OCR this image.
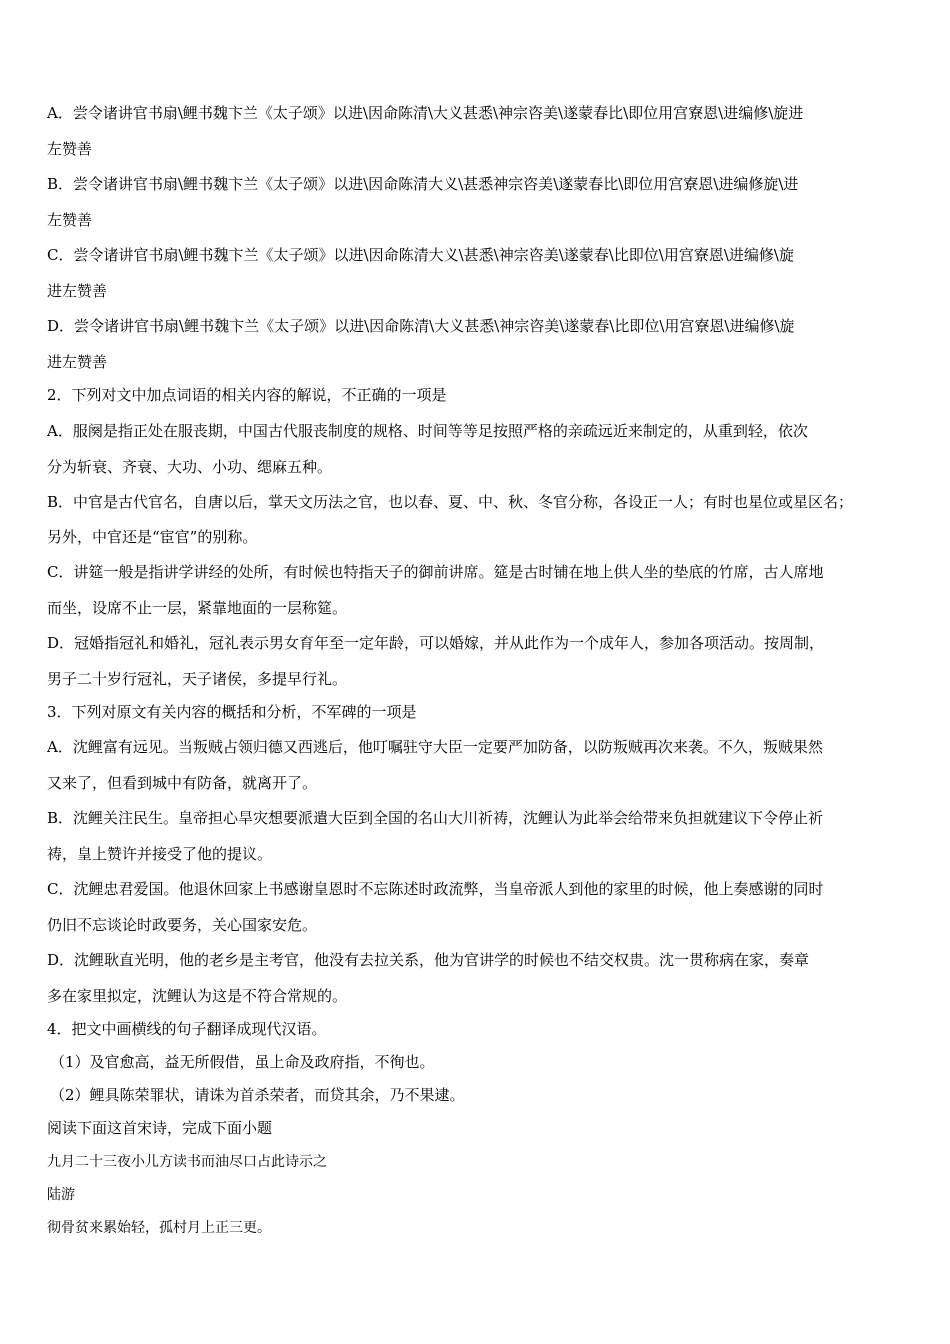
A．尝令诸讲官书扇\鲤书魏卞兰《太子颂》以进\因命陈清\大义甚悉\神宗咨美\遂蒙春比\即位用宫寮恩\进编修\旋进
左赞善
B．尝令诸讲官书扇\鲤书魏卞兰《太子颂》以进\因命陈清大义\甚悉神宗咨美\遂蒙春比\即位用宫寮恩\进编修旋\进
左赞善
C．尝令诸讲官书扇\鲤书魏卞兰《太子颂》以进\因命陈清大义\甚悉\神宗咨美\遂蒙春\比即位\用宫寮恩\进编修\旋
进左赞善
D．尝令诸讲官书扇\鲤书魏卞兰《太子颂》以进\因命陈清\大义甚悉\神宗咨美\遂蒙春\比即位\用宫寮恩\进编修\旋
进左赞善
2．下列对文中加点词语的相关内容的解说，不正确的一项是
A．服阕是指正处在服丧期，中国古代服丧制度的规格、时间等等足按照严格的亲疏远近来制定的，从重到轻，依次
分为斩衰、齐衰、大功、小功、缌麻五种。
B．中官是古代官名，自唐以后，掌天文历法之官，也以春、夏、中、秋、冬官分称，各设正一人；有时也星位或星区名；
另外，中官还是“宦官”的别称。
C．讲筵一般是指讲学讲经的处所，有时候也特指天子的御前讲席。筵是古时铺在地上供人坐的垫底的竹席，古人席地
而坐，设席不止一层，紧靠地面的一层称筵。
D．冠婚指冠礼和婚礼，冠礼表示男女育年至一定年龄，可以婚嫁，并从此作为一个成年人，参加各项活动。按周制，
男子二十岁行冠礼，天子诸侯，多提早行礼。
3．下列对原文有关内容的概括和分析，不军碑的一项是
A．沈鲤富有远见。当叛贼占领归德又西逃后，他叮嘱驻守大臣一定要严加防备，以防叛贼再次来袭。不久，叛贼果然
又来了，但看到城中有防备，就离开了。
B．沈鲤关注民生。皇帝担心旱灾想要派遣大臣到全国的名山大川祈祷，沈鲤认为此举会给带来负担就建议下令停止祈
祷，皇上赞许并接受了他的提议。
C．沈鲤忠君爱国。他退休回家上书感谢皇恩时不忘陈述时政流弊，当皇帝派人到他的家里的时候，他上奏感谢的同时
仍旧不忘谈论时政要务，关心国家安危。
D．沈鲤耿直光明，他的老乡是主考官，他没有去拉关系，他为官讲学的时候也不结交权贵。沈一贯称病在家，奏章
多在家里拟定，沈鲤认为这是不符合常规的。
4．把文中画横线的句子翻译成现代汉语。
（1）及官愈高，益无所假借，虽上命及政府指，不徇也。
（2）鲤具陈荣罪状，请诛为首杀荣者，而贷其余，乃不果逮。
阅读下面这首宋诗，完成下面小题
九月二十三夜小儿方读书而油尽口占此诗示之
陆游
彻骨贫来累始轻，孤村月上正三更。
